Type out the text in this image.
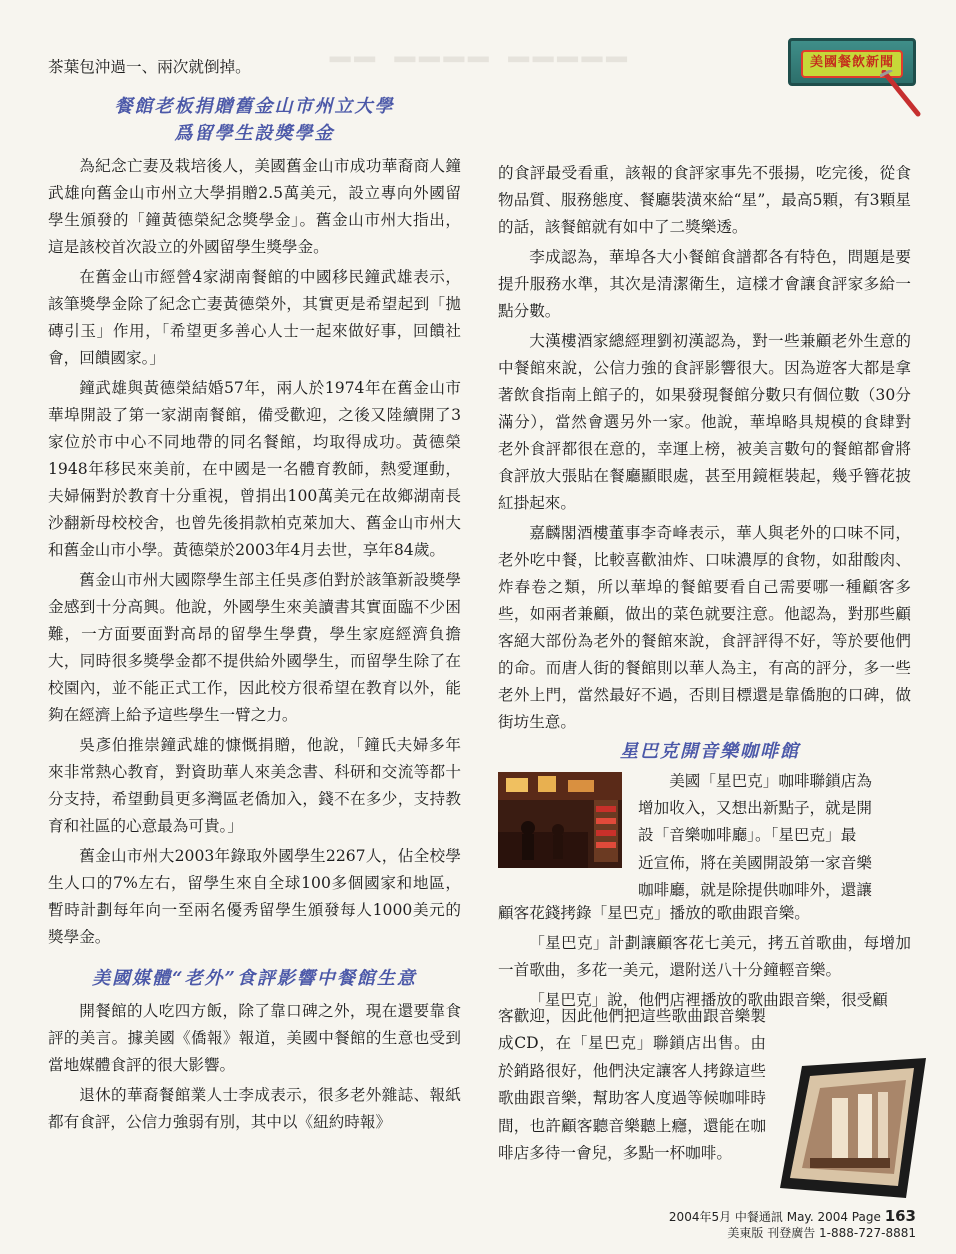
━━ ━━━━ ━━━━━	美國餐飲新聞

茶葉包沖過一、兩次就倒掉。

餐館老板捐贈舊金山市州立大學
爲留學生設獎學金

為紀念亡妻及栽培後人，美國舊金山市成功華裔商人鐘武雄向舊金山市州立大學捐贈2.5萬美元，設立專向外國留學生頒發的「鐘黃德榮紀念獎學金」。舊金山市州大指出，這是該校首次設立的外國留學生獎學金。

在舊金山市經營4家湖南餐館的中國移民鐘武雄表示，該筆獎學金除了紀念亡妻黃德榮外，其實更是希望起到「拋磚引玉」作用，「希望更多善心人士一起來做好事，回饋社會，回饋國家。」

鐘武雄與黃德榮結婚57年，兩人於1974年在舊金山市華埠開設了第一家湖南餐館，備受歡迎，之後又陸續開了3家位於市中心不同地帶的同名餐館，均取得成功。黃德榮1948年移民來美前，在中國是一名體育教師，熱愛運動，夫婦倆對於教育十分重視，曾捐出100萬美元在故鄉湖南長沙翻新母校校舍，也曾先後捐款柏克萊加大、舊金山市州大和舊金山市小學。黃德榮於2003年4月去世，享年84歲。

舊金山市州大國際學生部主任吳彥伯對於該筆新設獎學金感到十分高興。他說，外國學生來美讀書其實面臨不少困難，一方面要面對高昂的留學生學費，學生家庭經濟負擔大，同時很多獎學金都不提供給外國學生，而留學生除了在校園內，並不能正式工作，因此校方很希望在教育以外，能夠在經濟上給予這些學生一臂之力。

吳彥伯推崇鐘武雄的慷慨捐贈，他說，「鐘氏夫婦多年來非常熱心教育，對資助華人來美念書、科研和交流等都十分支持，希望動員更多灣區老僑加入，錢不在多少，支持教育和社區的心意最為可貴。」

舊金山市州大2003年錄取外國學生2267人，佔全校學生人口的7%左右，留學生來自全球100多個國家和地區，暫時計劃每年向一至兩名優秀留學生頒發每人1000美元的獎學金。

美國媒體“老外”食評影響中餐館生意

開餐館的人吃四方飯，除了靠口碑之外，現在還要靠食評的美言。據美國《僑報》報道，美國中餐館的生意也受到當地媒體食評的很大影響。

退休的華裔餐館業人士李成表示，很多老外雜誌、報紙都有食評，公信力強弱有別，其中以《紐約時報》

的食評最受看重，該報的食評家事先不張揚，吃完後，從食物品質、服務態度、餐廳裝潢來給“星”，最高5顆，有3顆星的話，該餐館就有如中了二獎樂透。

李成認為，華埠各大小餐館食譜都各有特色，問題是要提升服務水準，其次是清潔衛生，這樣才會讓食評家多給一點分數。

大漢樓酒家總經理劉初漢認為，對一些兼顧老外生意的中餐館來說，公信力強的食評影響很大。因為遊客大都是拿著飲食指南上館子的，如果發現餐館分數只有個位數（30分滿分），當然會選另外一家。他說，華埠略具規模的食肆對老外食評都很在意的，幸運上榜，被美言數句的餐館都會將食評放大張貼在餐廳顯眼處，甚至用鏡框裝起，幾乎簪花披紅掛起來。

嘉麟閣酒樓董事李奇峰表示，華人與老外的口味不同，老外吃中餐，比較喜歡油炸、口味濃厚的食物，如甜酸肉、炸春卷之類，所以華埠的餐館要看自己需要哪一種顧客多些，如兩者兼顧，做出的菜色就要注意。他認為，對那些顧客絕大部份為老外的餐館來說，食評評得不好，等於要他們的命。而唐人街的餐館則以華人為主，有高的評分，多一些老外上門，當然最好不過，否則目標還是靠僑胞的口碑，做街坊生意。

星巴克開音樂咖啡館
美國「星巴克」咖啡聯鎖店為
增加收入，又想出新點子，就是開
設「音樂咖啡廳」。「星巴克」最
近宣佈，將在美國開設第一家音樂
咖啡廳，就是除提供咖啡外，還讓

顧客花錢拷錄「星巴克」播放的歌曲跟音樂。

「星巴克」計劃讓顧客花七美元，拷五首歌曲，每增加一首歌曲，多花一美元，還附送八十分鐘輕音樂。

「星巴克」說，他們店裡播放的歌曲跟音樂，很受顧

客歡迎，因此他們把這些歌曲跟音樂製成CD，在「星巴克」聯鎖店出售。由於銷路很好，他們決定讓客人拷錄這些歌曲跟音樂，幫助客人度過等候咖啡時間，也許顧客聽音樂聽上癮，還能在咖啡店多待一會兒，多點一杯咖啡。

2004年5月 中餐通訊 May. 2004 Page 163
美東版 刊登廣告 1-888-727-8881
